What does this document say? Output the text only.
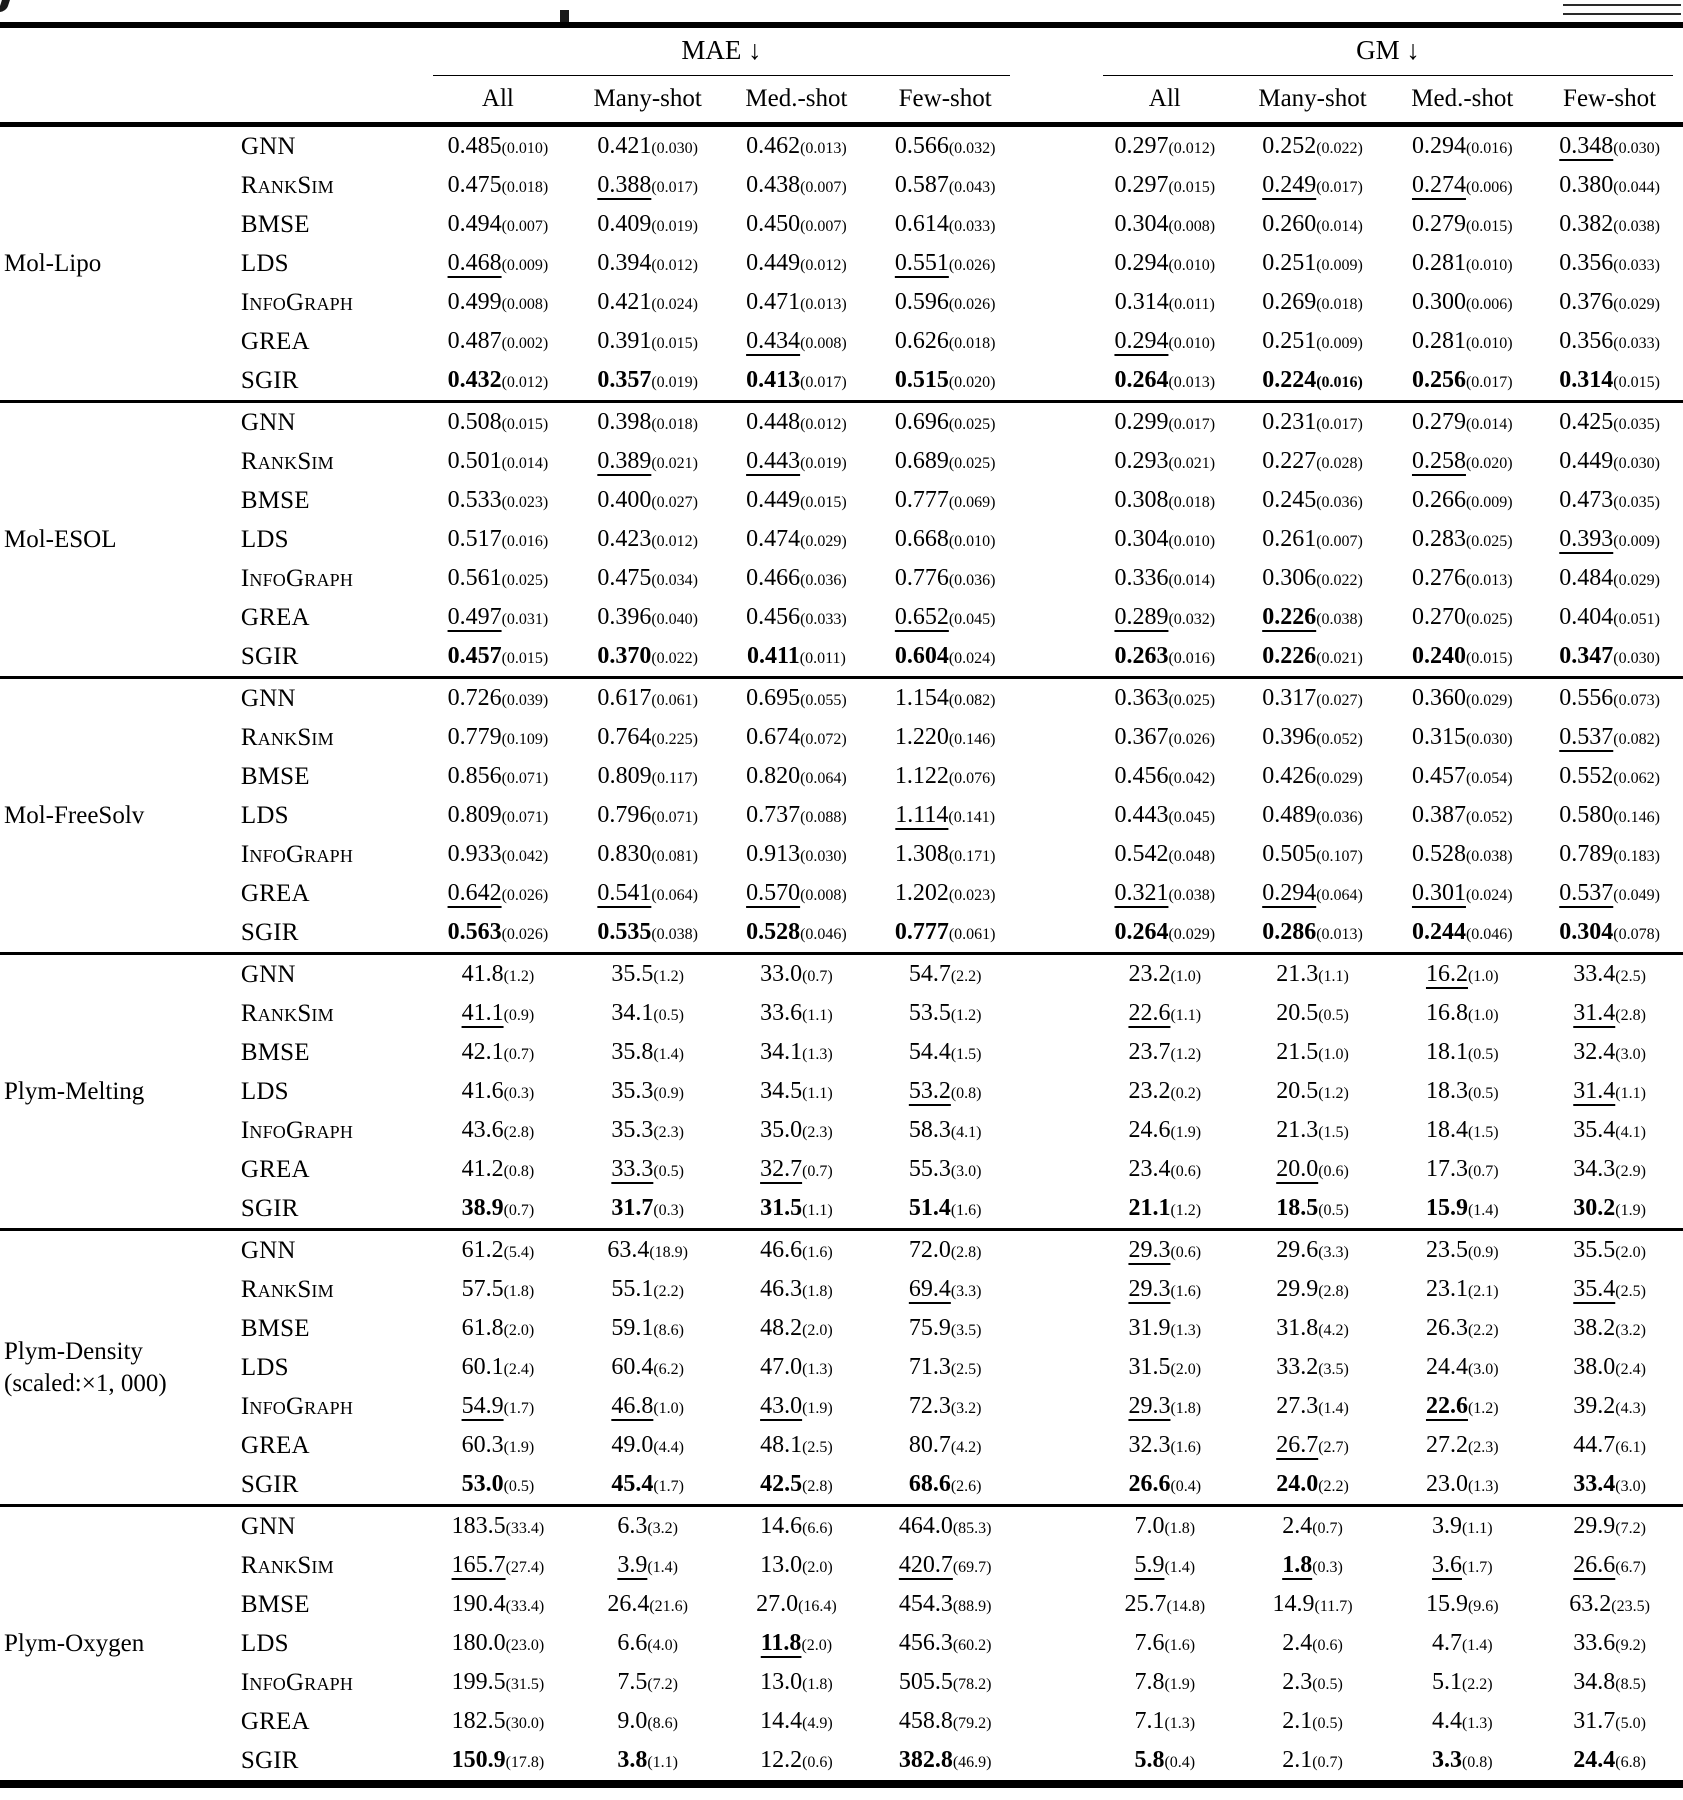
		MAE ↓					GM ↓			

		All	Many-shot	Med.-shot	Few-shot		All	Many-shot	Med.-shot	Few-shot

Mol-Lipo	GNN	0.485(0.010)	0.421(0.030)	0.462(0.013)	0.566(0.032)		0.297(0.012)	0.252(0.022)	0.294(0.016)	0.348(0.030)
	RankSim	0.475(0.018)	0.388(0.017)	0.438(0.007)	0.587(0.043)		0.297(0.015)	0.249(0.017)	0.274(0.006)	0.380(0.044)
	BMSE	0.494(0.007)	0.409(0.019)	0.450(0.007)	0.614(0.033)		0.304(0.008)	0.260(0.014)	0.279(0.015)	0.382(0.038)
	LDS	0.468(0.009)	0.394(0.012)	0.449(0.012)	0.551(0.026)		0.294(0.010)	0.251(0.009)	0.281(0.010)	0.356(0.033)
	InfoGraph	0.499(0.008)	0.421(0.024)	0.471(0.013)	0.596(0.026)		0.314(0.011)	0.269(0.018)	0.300(0.006)	0.376(0.029)
	GREA	0.487(0.002)	0.391(0.015)	0.434(0.008)	0.626(0.018)		0.294(0.010)	0.251(0.009)	0.281(0.010)	0.356(0.033)
	SGIR	0.432(0.012)	0.357(0.019)	0.413(0.017)	0.515(0.020)		0.264(0.013)	0.224(0.016)	0.256(0.017)	0.314(0.015)

Mol-ESOL	GNN	0.508(0.015)	0.398(0.018)	0.448(0.012)	0.696(0.025)		0.299(0.017)	0.231(0.017)	0.279(0.014)	0.425(0.035)
	RankSim	0.501(0.014)	0.389(0.021)	0.443(0.019)	0.689(0.025)		0.293(0.021)	0.227(0.028)	0.258(0.020)	0.449(0.030)
	BMSE	0.533(0.023)	0.400(0.027)	0.449(0.015)	0.777(0.069)		0.308(0.018)	0.245(0.036)	0.266(0.009)	0.473(0.035)
	LDS	0.517(0.016)	0.423(0.012)	0.474(0.029)	0.668(0.010)		0.304(0.010)	0.261(0.007)	0.283(0.025)	0.393(0.009)
	InfoGraph	0.561(0.025)	0.475(0.034)	0.466(0.036)	0.776(0.036)		0.336(0.014)	0.306(0.022)	0.276(0.013)	0.484(0.029)
	GREA	0.497(0.031)	0.396(0.040)	0.456(0.033)	0.652(0.045)		0.289(0.032)	0.226(0.038)	0.270(0.025)	0.404(0.051)
	SGIR	0.457(0.015)	0.370(0.022)	0.411(0.011)	0.604(0.024)		0.263(0.016)	0.226(0.021)	0.240(0.015)	0.347(0.030)

Mol-FreeSolv	GNN	0.726(0.039)	0.617(0.061)	0.695(0.055)	1.154(0.082)		0.363(0.025)	0.317(0.027)	0.360(0.029)	0.556(0.073)
	RankSim	0.779(0.109)	0.764(0.225)	0.674(0.072)	1.220(0.146)		0.367(0.026)	0.396(0.052)	0.315(0.030)	0.537(0.082)
	BMSE	0.856(0.071)	0.809(0.117)	0.820(0.064)	1.122(0.076)		0.456(0.042)	0.426(0.029)	0.457(0.054)	0.552(0.062)
	LDS	0.809(0.071)	0.796(0.071)	0.737(0.088)	1.114(0.141)		0.443(0.045)	0.489(0.036)	0.387(0.052)	0.580(0.146)
	InfoGraph	0.933(0.042)	0.830(0.081)	0.913(0.030)	1.308(0.171)		0.542(0.048)	0.505(0.107)	0.528(0.038)	0.789(0.183)
	GREA	0.642(0.026)	0.541(0.064)	0.570(0.008)	1.202(0.023)		0.321(0.038)	0.294(0.064)	0.301(0.024)	0.537(0.049)
	SGIR	0.563(0.026)	0.535(0.038)	0.528(0.046)	0.777(0.061)		0.264(0.029)	0.286(0.013)	0.244(0.046)	0.304(0.078)

Plym-Melting	GNN	41.8(1.2)	35.5(1.2)	33.0(0.7)	54.7(2.2)		23.2(1.0)	21.3(1.1)	16.2(1.0)	33.4(2.5)
	RankSim	41.1(0.9)	34.1(0.5)	33.6(1.1)	53.5(1.2)		22.6(1.1)	20.5(0.5)	16.8(1.0)	31.4(2.8)
	BMSE	42.1(0.7)	35.8(1.4)	34.1(1.3)	54.4(1.5)		23.7(1.2)	21.5(1.0)	18.1(0.5)	32.4(3.0)
	LDS	41.6(0.3)	35.3(0.9)	34.5(1.1)	53.2(0.8)		23.2(0.2)	20.5(1.2)	18.3(0.5)	31.4(1.1)
	InfoGraph	43.6(2.8)	35.3(2.3)	35.0(2.3)	58.3(4.1)		24.6(1.9)	21.3(1.5)	18.4(1.5)	35.4(4.1)
	GREA	41.2(0.8)	33.3(0.5)	32.7(0.7)	55.3(3.0)		23.4(0.6)	20.0(0.6)	17.3(0.7)	34.3(2.9)
	SGIR	38.9(0.7)	31.7(0.3)	31.5(1.1)	51.4(1.6)		21.1(1.2)	18.5(0.5)	15.9(1.4)	30.2(1.9)

Plym-Density
(scaled:×1, 000)	GNN	61.2(5.4)	63.4(18.9)	46.6(1.6)	72.0(2.8)		29.3(0.6)	29.6(3.3)	23.5(0.9)	35.5(2.0)
	RankSim	57.5(1.8)	55.1(2.2)	46.3(1.8)	69.4(3.3)		29.3(1.6)	29.9(2.8)	23.1(2.1)	35.4(2.5)
	BMSE	61.8(2.0)	59.1(8.6)	48.2(2.0)	75.9(3.5)		31.9(1.3)	31.8(4.2)	26.3(2.2)	38.2(3.2)
	LDS	60.1(2.4)	60.4(6.2)	47.0(1.3)	71.3(2.5)		31.5(2.0)	33.2(3.5)	24.4(3.0)	38.0(2.4)
	InfoGraph	54.9(1.7)	46.8(1.0)	43.0(1.9)	72.3(3.2)		29.3(1.8)	27.3(1.4)	22.6(1.2)	39.2(4.3)
	GREA	60.3(1.9)	49.0(4.4)	48.1(2.5)	80.7(4.2)		32.3(1.6)	26.7(2.7)	27.2(2.3)	44.7(6.1)
	SGIR	53.0(0.5)	45.4(1.7)	42.5(2.8)	68.6(2.6)		26.6(0.4)	24.0(2.2)	23.0(1.3)	33.4(3.0)

Plym-Oxygen	GNN	183.5(33.4)	6.3(3.2)	14.6(6.6)	464.0(85.3)		7.0(1.8)	2.4(0.7)	3.9(1.1)	29.9(7.2)
	RankSim	165.7(27.4)	3.9(1.4)	13.0(2.0)	420.7(69.7)		5.9(1.4)	1.8(0.3)	3.6(1.7)	26.6(6.7)
	BMSE	190.4(33.4)	26.4(21.6)	27.0(16.4)	454.3(88.9)		25.7(14.8)	14.9(11.7)	15.9(9.6)	63.2(23.5)
	LDS	180.0(23.0)	6.6(4.0)	11.8(2.0)	456.3(60.2)		7.6(1.6)	2.4(0.6)	4.7(1.4)	33.6(9.2)
	InfoGraph	199.5(31.5)	7.5(7.2)	13.0(1.8)	505.5(78.2)		7.8(1.9)	2.3(0.5)	5.1(2.2)	34.8(8.5)
	GREA	182.5(30.0)	9.0(8.6)	14.4(4.9)	458.8(79.2)		7.1(1.3)	2.1(0.5)	4.4(1.3)	31.7(5.0)
	SGIR	150.9(17.8)	3.8(1.1)	12.2(0.6)	382.8(46.9)		5.8(0.4)	2.1(0.7)	3.3(0.8)	24.4(6.8)
